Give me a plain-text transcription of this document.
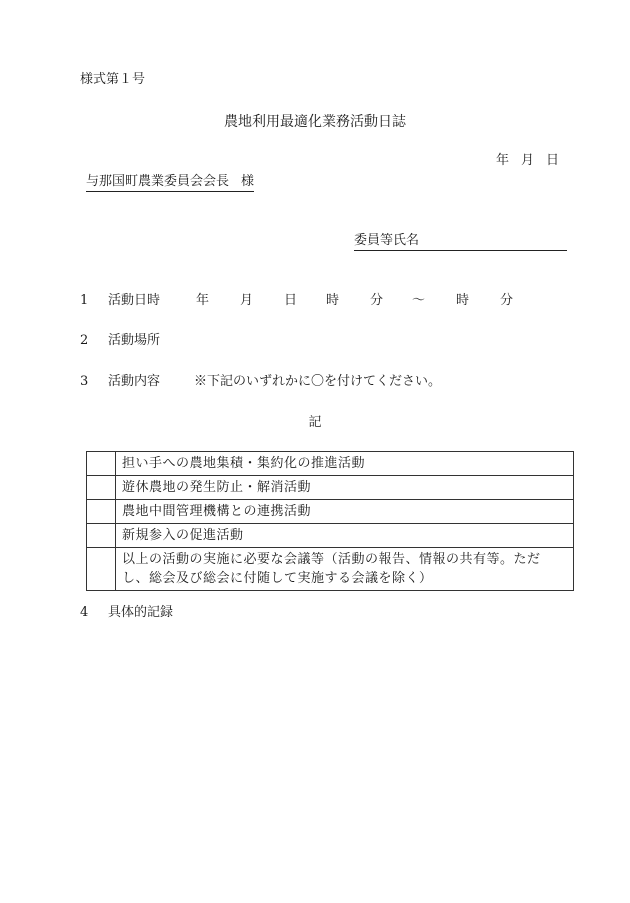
様式第１号
農地利用最適化業務活動日誌
年 月 日
与那国町農業委員会会長 様
委員等氏名
1 活動日時	年 月 日 時 分 ～ 時 分
2 活動場所
3 活動内容	※下記のいずれかに〇を付けてください。
記
	担い手への農地集積・集約化の推進活動
	遊休農地の発生防止・解消活動
	農地中間管理機構との連携活動
	新規参入の促進活動
	以上の活動の実施に必要な会議等（活動の報告、情報の共有等。ただし、総会及び総会に付随して実施する会議を除く）
4 具体的記録
